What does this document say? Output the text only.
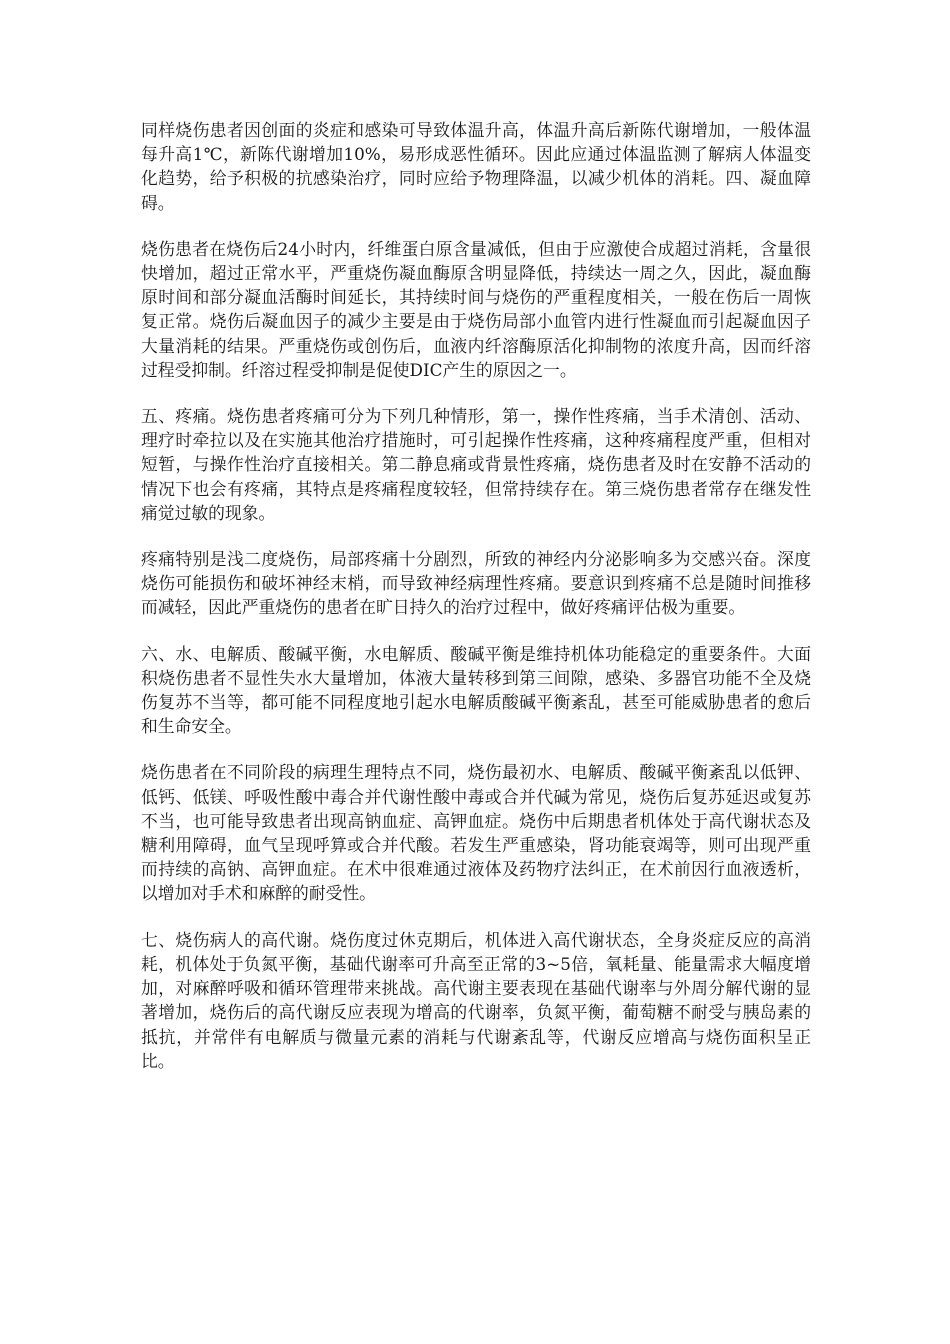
同样烧伤患者因创面的炎症和感染可导致体温升高，体温升高后新陈代谢增加，一般体温每升高1℃，新陈代谢增加10%，易形成恶性循环。因此应通过体温监测了解病人体温变化趋势，给予积极的抗感染治疗，同时应给予物理降温，以减少机体的消耗。四、凝血障碍。

烧伤患者在烧伤后24小时内，纤维蛋白原含量减低，但由于应激使合成超过消耗，含量很快增加，超过正常水平，严重烧伤凝血酶原含明显降低，持续达一周之久，因此，凝血酶原时间和部分凝血活酶时间延长，其持续时间与烧伤的严重程度相关，一般在伤后一周恢复正常。烧伤后凝血因子的减少主要是由于烧伤局部小血管内进行性凝血而引起凝血因子大量消耗的结果。严重烧伤或创伤后，血液内纤溶酶原活化抑制物的浓度升高，因而纤溶过程受抑制。纤溶过程受抑制是促使DIC产生的原因之一。

五、疼痛。烧伤患者疼痛可分为下列几种情形，第一，操作性疼痛，当手术清创、活动、理疗时牵拉以及在实施其他治疗措施时，可引起操作性疼痛，这种疼痛程度严重，但相对短暂，与操作性治疗直接相关。第二静息痛或背景性疼痛，烧伤患者及时在安静不活动的情况下也会有疼痛，其特点是疼痛程度较轻，但常持续存在。第三烧伤患者常存在继发性痛觉过敏的现象。

疼痛特别是浅二度烧伤，局部疼痛十分剧烈，所致的神经内分泌影响多为交感兴奋。深度烧伤可能损伤和破坏神经末梢，而导致神经病理性疼痛。要意识到疼痛不总是随时间推移而减轻，因此严重烧伤的患者在旷日持久的治疗过程中，做好疼痛评估极为重要。

六、水、电解质、酸碱平衡，水电解质、酸碱平衡是维持机体功能稳定的重要条件。大面积烧伤患者不显性失水大量增加，体液大量转移到第三间隙，感染、多器官功能不全及烧伤复苏不当等，都可能不同程度地引起水电解质酸碱平衡紊乱，甚至可能威胁患者的愈后和生命安全。

烧伤患者在不同阶段的病理生理特点不同，烧伤最初水、电解质、酸碱平衡紊乱以低钾、低钙、低镁、呼吸性酸中毒合并代谢性酸中毒或合并代碱为常见，烧伤后复苏延迟或复苏不当，也可能导致患者出现高钠血症、高钾血症。烧伤中后期患者机体处于高代谢状态及糖利用障碍，血气呈现呼算或合并代酸。若发生严重感染，肾功能衰竭等，则可出现严重而持续的高钠、高钾血症。在术中很难通过液体及药物疗法纠正，在术前因行血液透析，以增加对手术和麻醉的耐受性。

七、烧伤病人的高代谢。烧伤度过休克期后，机体进入高代谢状态，全身炎症反应的高消耗，机体处于负氮平衡，基础代谢率可升高至正常的3~5倍，氧耗量、能量需求大幅度增加，对麻醉呼吸和循环管理带来挑战。高代谢主要表现在基础代谢率与外周分解代谢的显著增加，烧伤后的高代谢反应表现为增高的代谢率，负氮平衡，葡萄糖不耐受与胰岛素的抵抗，并常伴有电解质与微量元素的消耗与代谢紊乱等，代谢反应增高与烧伤面积呈正比。
